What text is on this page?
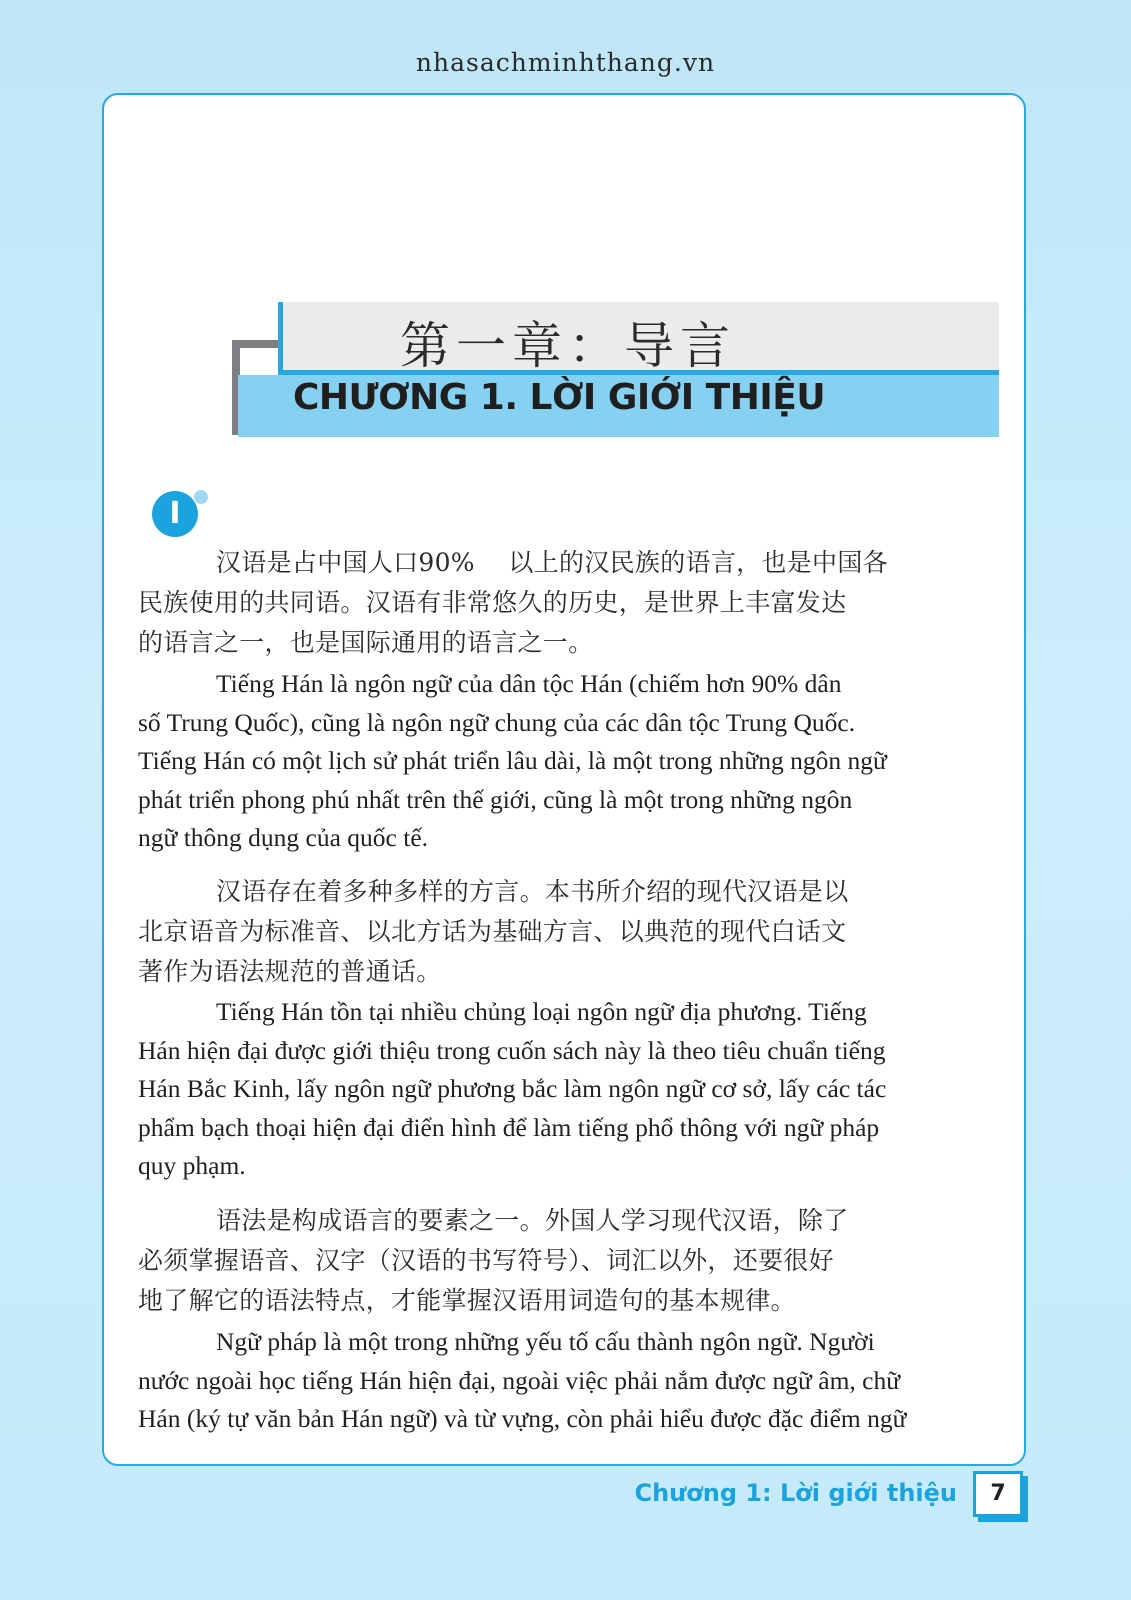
nhasachminhthang.vn
第一章：导言
CHƯƠNG 1. LỜI GIỚI THIỆU
I
汉语是占中国人口90%　 以上的汉民族的语言，也是中国各
民族使用的共同语。汉语有非常悠久的历史，是世界上丰富发达
的语言之一，也是国际通用的语言之一。
Tiếng Hán là ngôn ngữ của dân tộc Hán (chiếm hơn 90% dân
số Trung Quốc), cũng là ngôn ngữ chung của các dân tộc Trung Quốc.
Tiếng Hán có một lịch sử phát triển lâu dài, là một trong những ngôn ngữ
phát triển phong phú nhất trên thế giới, cũng là một trong những ngôn
ngữ thông dụng của quốc tế.
汉语存在着多种多样的方言。本书所介绍的现代汉语是以
北京语音为标准音、以北方话为基础方言、以典范的现代白话文
著作为语法规范的普通话。
Tiếng Hán tồn tại nhiều chủng loại ngôn ngữ địa phương. Tiếng
Hán hiện đại được giới thiệu trong cuốn sách này là theo tiêu chuẩn tiếng
Hán Bắc Kinh, lấy ngôn ngữ phương bắc làm ngôn ngữ cơ sở, lấy các tác
phẩm bạch thoại hiện đại điển hình để làm tiếng phổ thông với ngữ pháp
quy phạm.
语法是构成语言的要素之一。外国人学习现代汉语，除了
必须掌握语音、汉字（汉语的书写符号）、词汇以外，还要很好
地了解它的语法特点，才能掌握汉语用词造句的基本规律。
Ngữ pháp là một trong những yếu tố cấu thành ngôn ngữ. Người
nước ngoài học tiếng Hán hiện đại, ngoài việc phải nắm được ngữ âm, chữ
Hán (ký tự văn bản Hán ngữ) và từ vựng, còn phải hiểu được đặc điểm ngữ
Chương 1: Lời giới thiệu	7
